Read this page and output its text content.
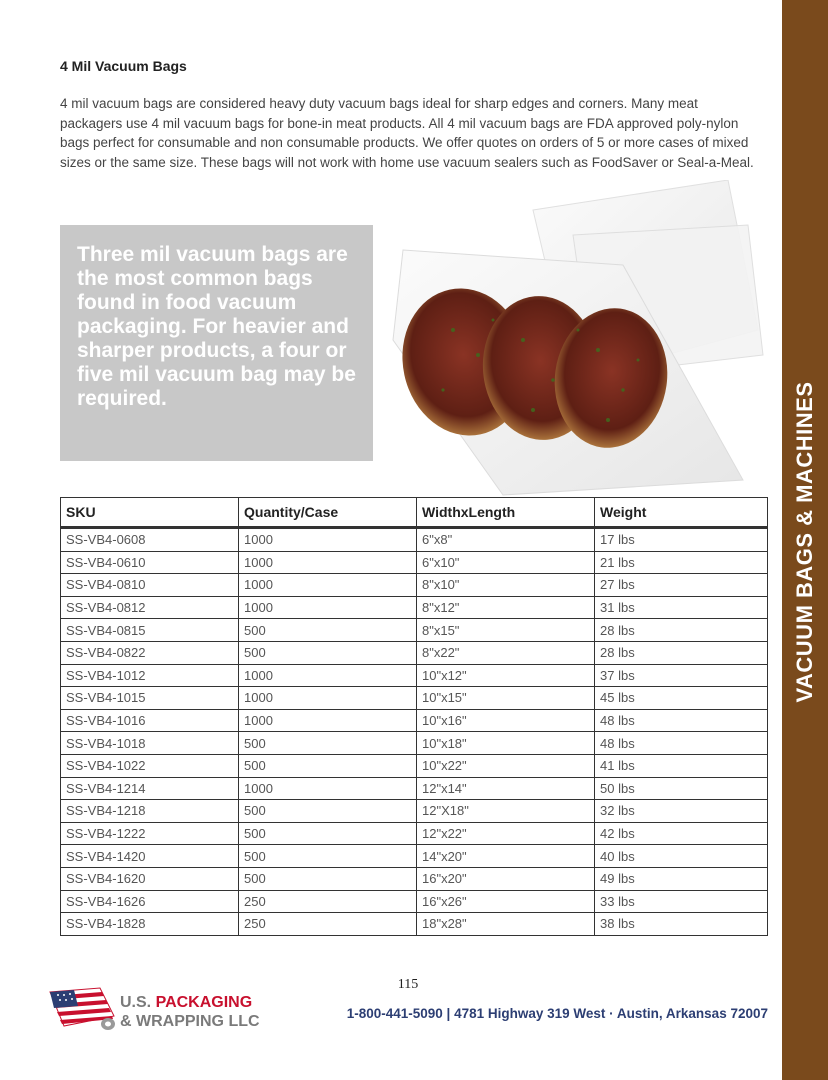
VACUUM BAGS & MACHINES
4 Mil Vacuum Bags

4 mil vacuum bags are considered heavy duty vacuum bags ideal for sharp edges and corners. Many meat packagers use 4 mil vacuum bags for bone-in meat products. All 4 mil vacuum bags are FDA approved poly-nylon bags perfect for consumable and non consumable products. We offer quotes on orders of 5 or more cases of mixed sizes or the same size. These bags will not work with home use vacuum sealers such as FoodSaver or Seal-a-Meal.

Three mil vacuum bags are the most common bags found in food vacuum packaging. For heavier and sharper products, a four or five mil vacuum bag may be required.

SKU	Quantity/Case	WidthxLength	Weight
SS-VB4-0608	1000	6"x8"	17 lbs
SS-VB4-0610	1000	6"x10"	21 lbs
SS-VB4-0810	1000	8"x10"	27 lbs
SS-VB4-0812	1000	8"x12"	31 lbs
SS-VB4-0815	500	8"x15"	28 lbs
SS-VB4-0822	500	8"x22"	28 lbs
SS-VB4-1012	1000	10"x12"	37 lbs
SS-VB4-1015	1000	10"x15"	45 lbs
SS-VB4-1016	1000	10"x16"	48 lbs
SS-VB4-1018	500	10"x18"	48 lbs
SS-VB4-1022	500	10"x22"	41 lbs
SS-VB4-1214	1000	12"x14"	50 lbs
SS-VB4-1218	500	12"X18"	32 lbs
SS-VB4-1222	500	12"x22"	42 lbs
SS-VB4-1420	500	14"x20"	40 lbs
SS-VB4-1620	500	16"x20"	49 lbs
SS-VB4-1626	250	16"x26"	33 lbs
SS-VB4-1828	250	18"x28"	38 lbs
115
U.S. PACKAGING
& WRAPPING LLC	1-800-441-5090 | 4781 Highway 319 West · Austin, Arkansas 72007
